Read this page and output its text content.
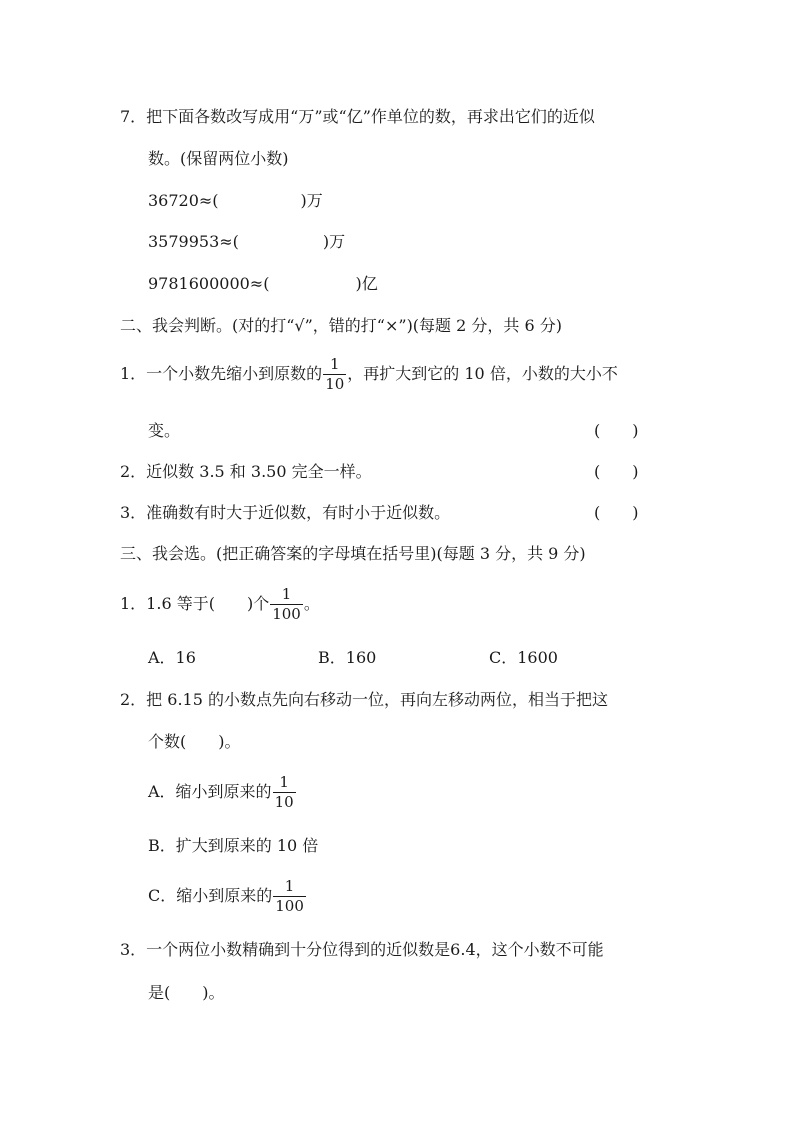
7．把下面各数改写成用“万”或“亿”作单位的数，再求出它们的近似
数。(保留两位小数)
36720≈(	)万
3579953≈(	)万
9781600000≈(	)亿
二、我会判断。(对的打“√”，错的打“×”)(每题 2 分，共 6 分)
1．一个小数先缩小到原数的 $\frac{1}{10}$ ，再扩大到它的 10 倍，小数的大小不
变。	(　　)
2．近似数 3.5 和 3.50 完全一样。	(　　)
3．准确数有时大于近似数，有时小于近似数。	(　　)
三、我会选。(把正确答案的字母填在括号里)(每题 3 分，共 9 分)
1．1.6 等于(　　)个 $\frac{1}{100}$ 。
A．16	B．160	C．1600
2．把 6.15 的小数点先向右移动一位，再向左移动两位，相当于把这
个数(　　)。
A．缩小到原来的 $\frac{1}{10}$
B．扩大到原来的 10 倍
C．缩小到原来的 $\frac{1}{100}$
3．一个两位小数精确到十分位得到的近似数是6.4，这个小数不可能
是(　　)。
